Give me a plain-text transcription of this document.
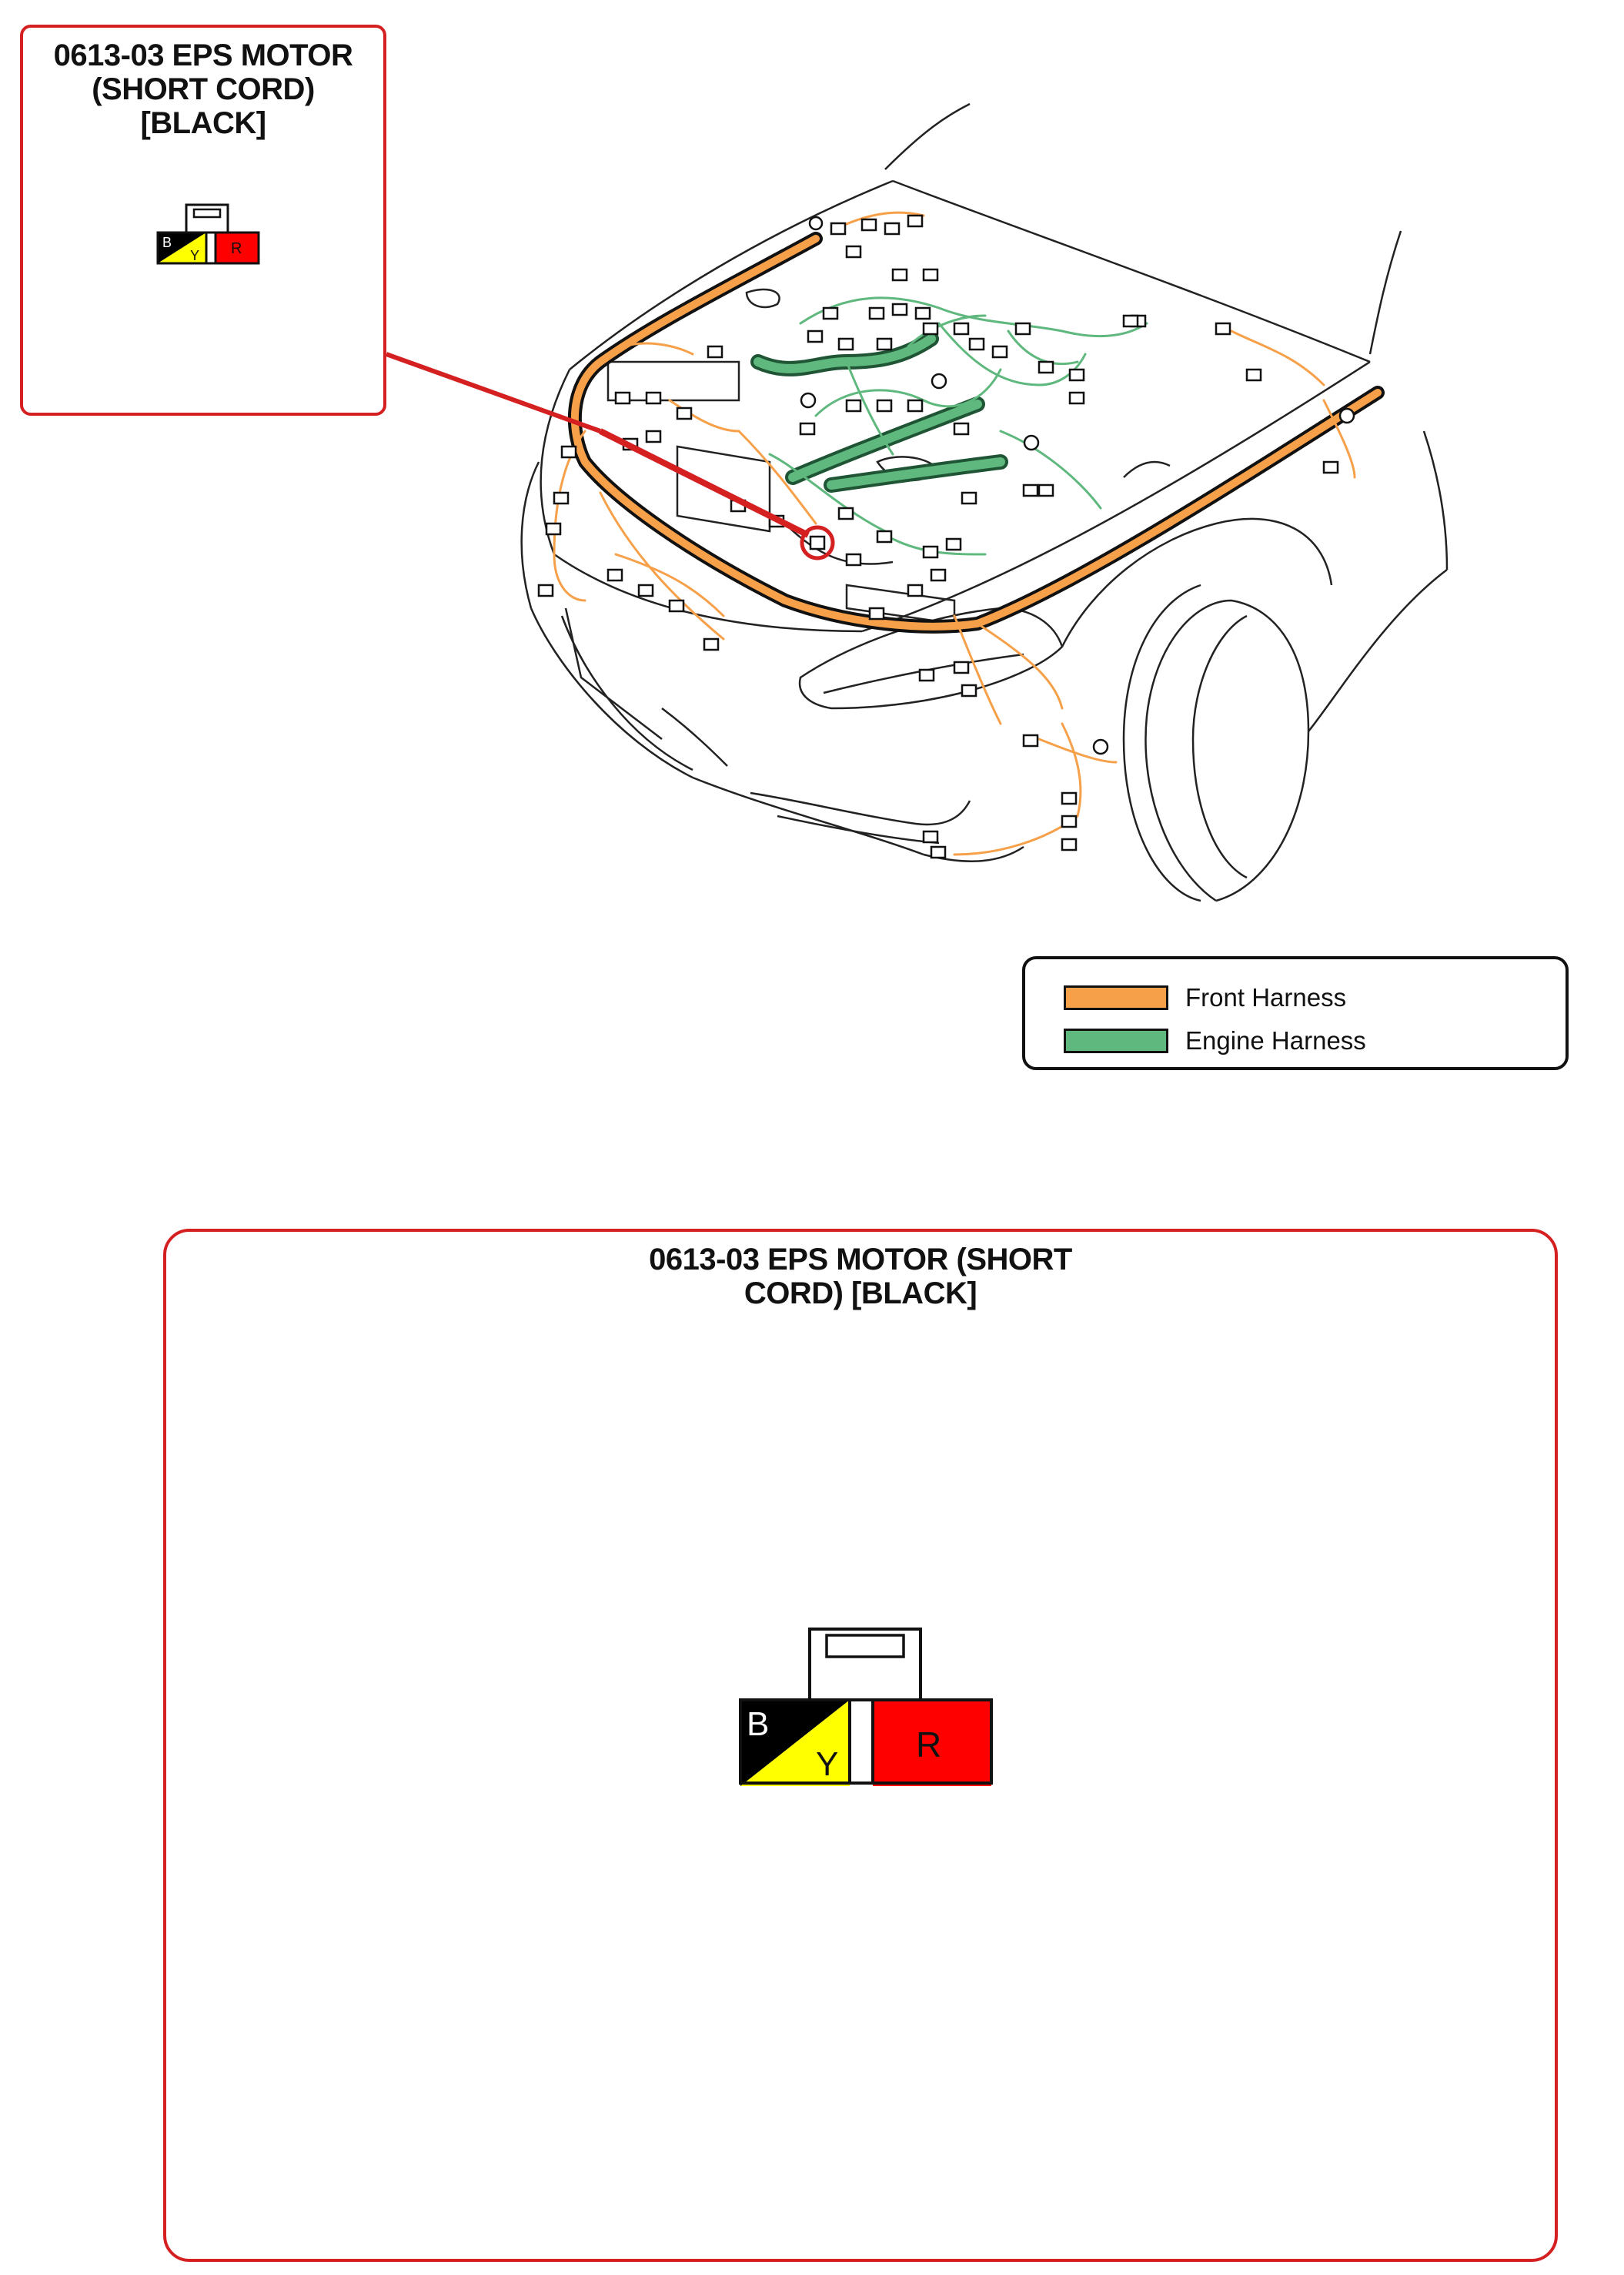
0613-03 EPS MOTOR
(SHORT CORD)
[BLACK]
B
Y R
Front Harness
Engine Harness
0613-03 EPS MOTOR (SHORT
CORD) [BLACK]
B
Y R
